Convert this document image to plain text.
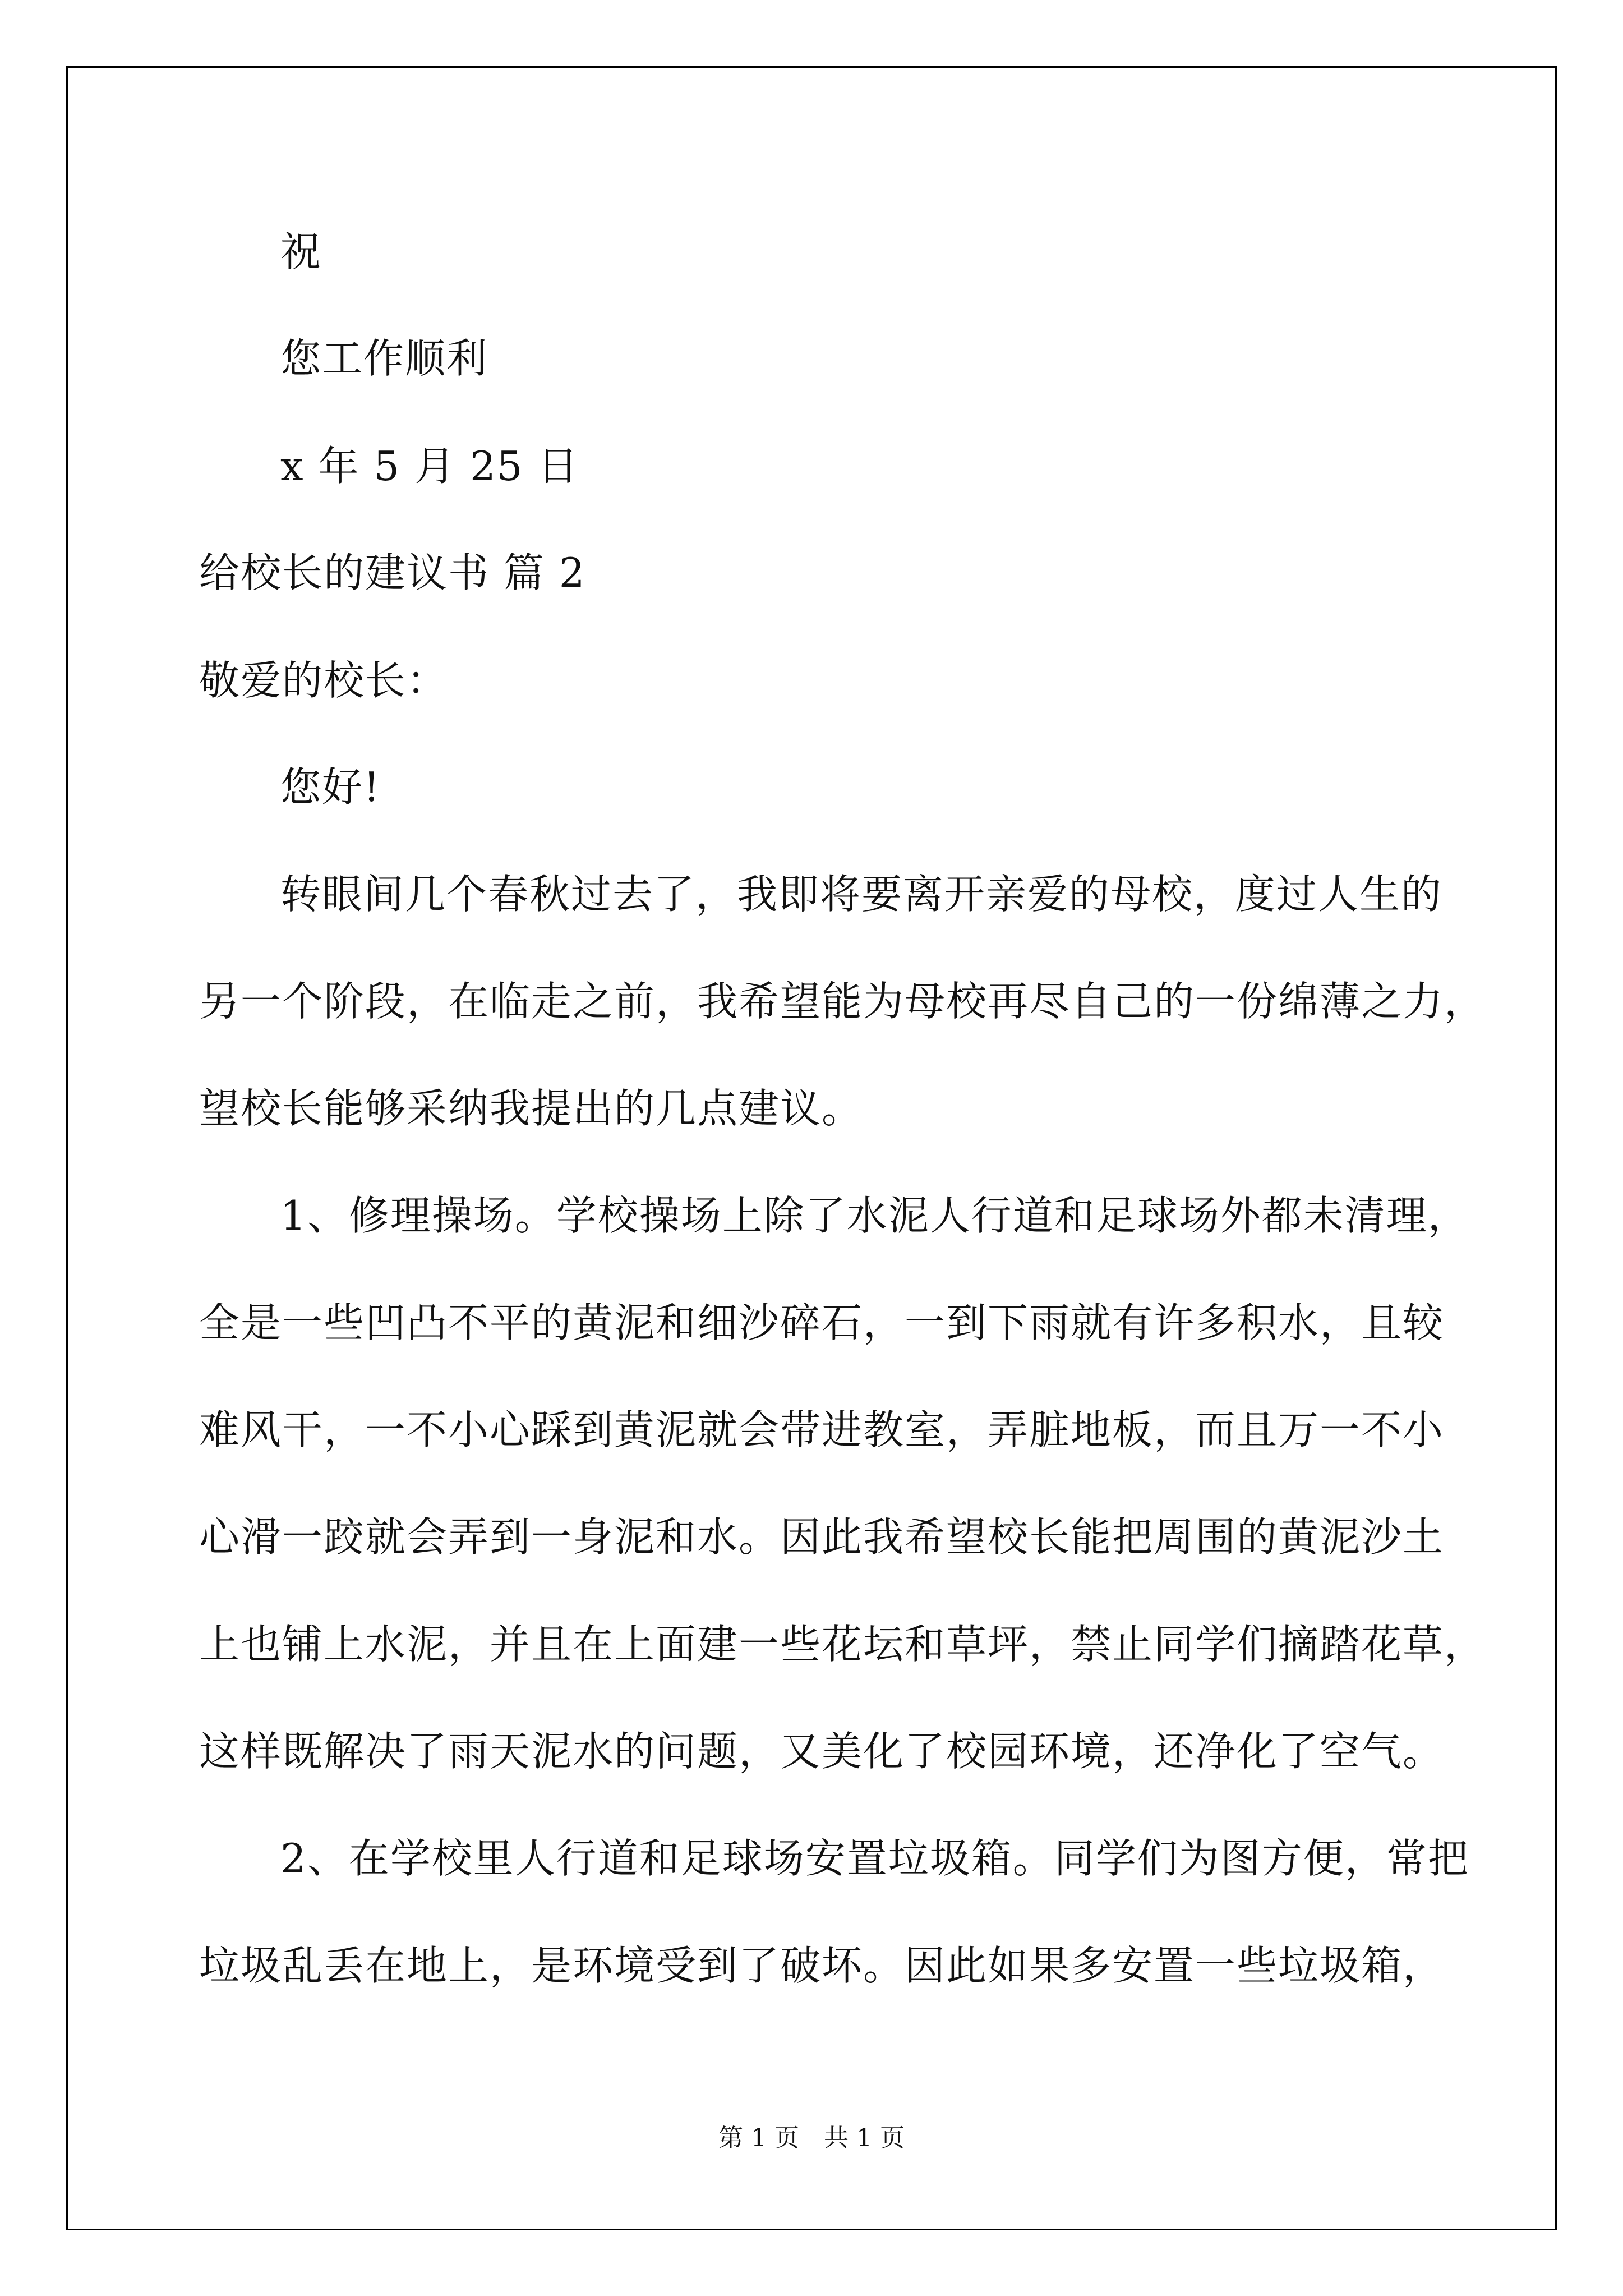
祝
您工作顺利
x 年 5 月 25 日
给校长的建议书 篇 2
敬爱的校长：
您好!
转眼间几个春秋过去了，我即将要离开亲爱的母校，度过人生的
另一个阶段，在临走之前，我希望能为母校再尽自己的一份绵薄之力，
望校长能够采纳我提出的几点建议。
1、修理操场。学校操场上除了水泥人行道和足球场外都未清理，
全是一些凹凸不平的黄泥和细沙碎石，一到下雨就有许多积水，且较
难风干，一不小心踩到黄泥就会带进教室，弄脏地板，而且万一不小
心滑一跤就会弄到一身泥和水。因此我希望校长能把周围的黄泥沙土
上也铺上水泥，并且在上面建一些花坛和草坪，禁止同学们摘踏花草，
这样既解决了雨天泥水的问题，又美化了校园环境，还净化了空气。
2、在学校里人行道和足球场安置垃圾箱。同学们为图方便，常把
垃圾乱丢在地上，是环境受到了破坏。因此如果多安置一些垃圾箱，
第 1 页　共 1 页
